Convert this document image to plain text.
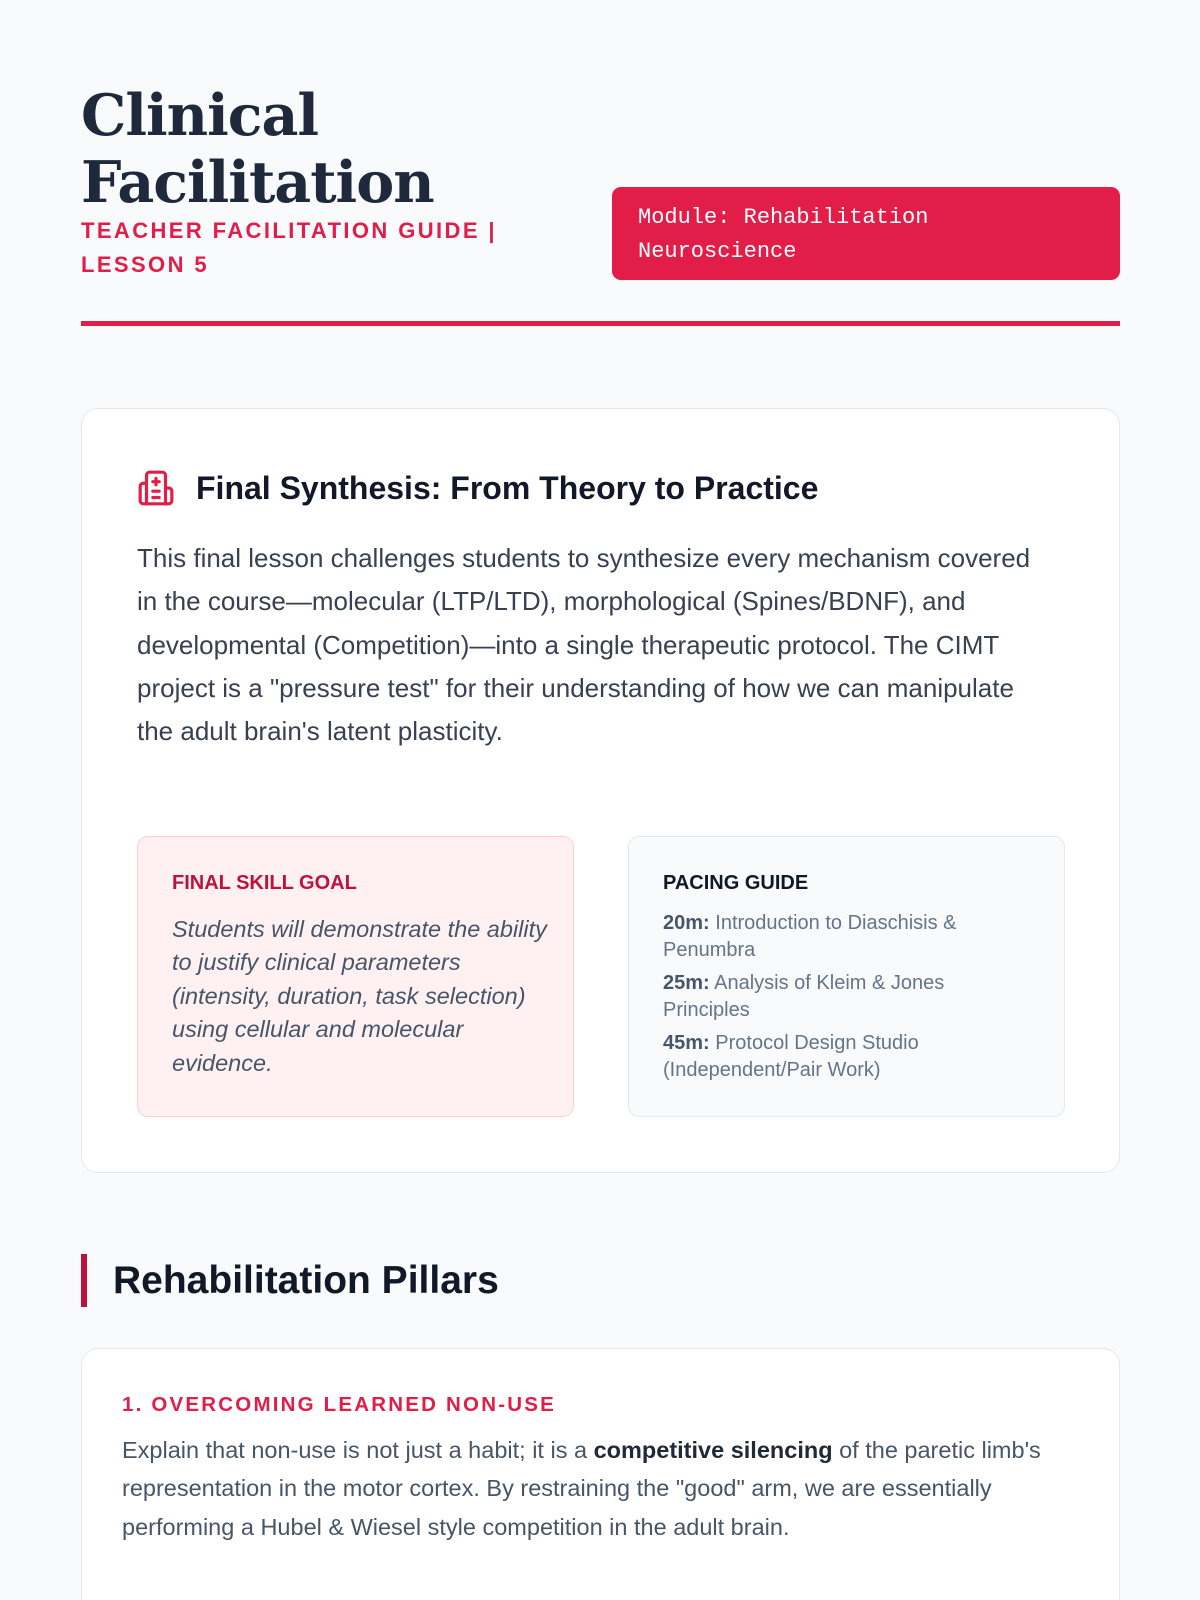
Clinical Facilitation
TEACHER FACILITATION GUIDE | LESSON 5
Module: Rehabilitation Neuroscience
Final Synthesis: From Theory to Practice

This final lesson challenges students to synthesize every mechanism covered in the course—molecular (LTP/LTD), morphological (Spines/BDNF), and developmental (Competition)—into a single therapeutic protocol. The CIMT project is a "pressure test" for their understanding of how we can manipulate the adult brain's latent plasticity.

FINAL SKILL GOAL

Students will demonstrate the ability to justify clinical parameters (intensity, duration, task selection) using cellular and molecular evidence.

PACING GUIDE
20m: Introduction to Diaschisis & Penumbra
25m: Analysis of Kleim & Jones Principles
45m: Protocol Design Studio (Independent/Pair Work)
Rehabilitation Pillars
1. OVERCOMING LEARNED NON-USE

Explain that non-use is not just a habit; it is a competitive silencing of the paretic limb's representation in the motor cortex. By restraining the "good" arm, we are essentially performing a Hubel & Wiesel style competition in the adult brain.
